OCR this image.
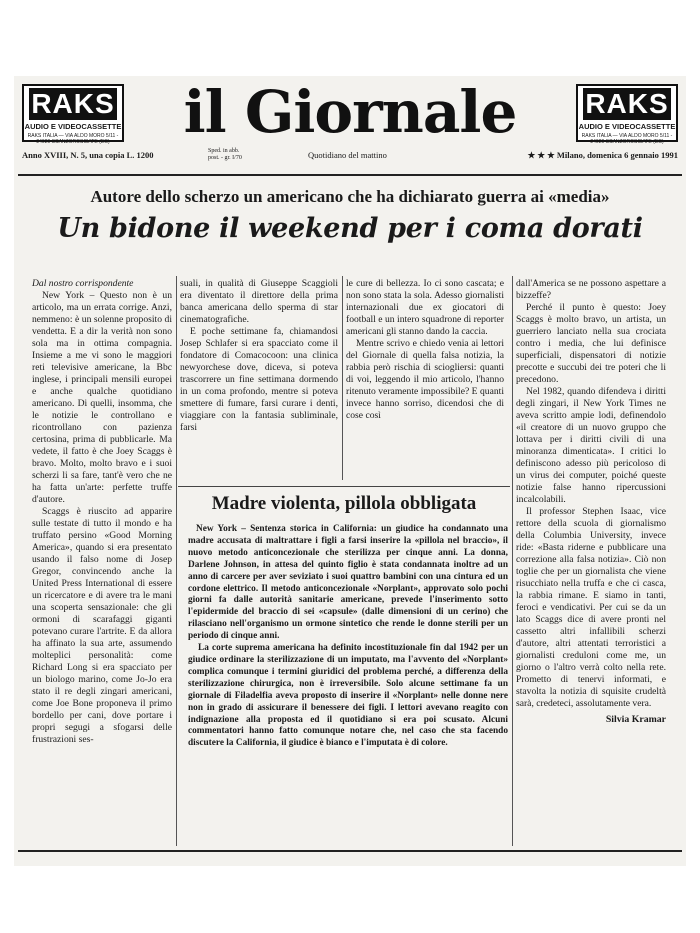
RAKS
AUDIO E VIDEOCASSETTE
RAKS ITALIA — VIA ALDO MORO 5/11 - 24020 SCANZOROSCIATE (BG)	il Giornale	RAKS
AUDIO E VIDEOCASSETTE
RAKS ITALIA — VIA ALDO MORO 5/11 - 24020 SCANZOROSCIATE (BG)
Anno XVIII, N. 5, una copia L. 1200	Sped. in abb. post. - gr. I/70	Quotidiano del mattino	★ ★ ★ Milano, domenica 6 gennaio 1991
Autore dello scherzo un americano che ha dichiarato guerra ai «media»
Un bidone il weekend per i coma dorati

Dal nostro corrispondente

New York – Questo non è un articolo, ma un errata corrige. Anzi, nemmeno: è un solenne proposito di vendetta. E a dir la verità non sono sola ma in ottima compagnia. Insieme a me vi sono le maggiori reti televisive americane, la Bbc inglese, i principali mensili europei e anche qualche quotidiano americano. Di quelli, insomma, che le notizie le controllano e ricontrollano con pazienza certosina, prima di pubblicarle. Ma vedete, il fatto è che Joey Scaggs è bravo. Molto, molto bravo e i suoi scherzi li sa fare, tant'è vero che ne ha fatta un'arte: perfette truffe d'autore.

Scaggs è riuscito ad apparire sulle testate di tutto il mondo e ha truffato persino «Good Morning America», quando si era presentato usando il falso nome di Josep Gregor, convincendo anche la United Press International di essere un ricercatore e di avere tra le mani una scoperta sensazionale: che gli ormoni di scarafaggi giganti potevano curare l'artrite. E da allora ha affinato la sua arte, assumendo molteplici personalità: come Richard Long si era spacciato per un biologo marino, come Jo-Jo era stato il re degli zingari americani, come Joe Bone proponeva il primo bordello per cani, dove portare i propri segugi a sfogarsi delle frustrazioni ses-

suali, in qualità di Giuseppe Scaggioli era diventato il direttore della prima banca americana dello sperma di star cinematografiche.

E poche settimane fa, chiamandosi Josep Schlafer si era spacciato come il fondatore di Comacocoon: una clinica newyorchese dove, diceva, si poteva trascorrere un fine settimana dormendo in un coma profondo, mentre si poteva smettere di fumare, farsi curare i denti, viaggiare con la fantasia subliminale, farsi

le cure di bellezza. Io ci sono cascata; e non sono stata la sola. Adesso giornalisti internazionali due ex giocatori di football e un intero squadrone di reporter americani gli stanno dando la caccia.

Mentre scrivo e chiedo venia ai lettori del Giornale di quella falsa notizia, la rabbia però rischia di sciogliersi: quanti di voi, leggendo il mio articolo, l'hanno ritenuto veramente impossibile? E quanti invece hanno sorriso, dicendosi che di cose così

dall'America se ne possono aspettare a bizzeffe?

Perché il punto è questo: Joey Scaggs è molto bravo, un artista, un guerriero lanciato nella sua crociata contro i media, che lui definisce superficiali, dispensatori di notizie precotte e succubi dei tre poteri che li precedono.

Nel 1982, quando difendeva i diritti degli zingari, il New York Times ne aveva scritto ampie lodi, definendolo «il creatore di un nuovo gruppo che lottava per i diritti civili di una minoranza dimenticata». I critici lo definiscono adesso più pericoloso di un virus dei computer, poiché queste notizie false hanno ripercussioni incalcolabili.

Il professor Stephen Isaac, vice rettore della scuola di giornalismo della Columbia University, invece ride: «Basta riderne e pubblicare una correzione alla falsa notizia». Ciò non toglie che per un giornalista che viene risucchiato nella truffa e che ci casca, la rabbia rimane. E siamo in tanti, feroci e vendicativi. Per cui se da un lato Scaggs dice di avere pronti nel cassetto altri infallibili scherzi d'autore, altri attentati terroristici a giornalisti creduloni come me, un giorno o l'altro verrà colto nella rete. Prometto di tenervi informati, e stavolta la notizia di squisite crudeltà sarà, credeteci, assolutamente vera.

Silvia Kramar
Madre violenta, pillola obbligata

New York – Sentenza storica in California: un giudice ha condannato una madre accusata di maltrattare i figli a farsi inserire la «pillola nel braccio», il nuovo metodo anticoncezionale che sterilizza per cinque anni. La donna, Darlene Johnson, in attesa del quinto figlio è stata condannata inoltre ad un anno di carcere per aver seviziato i suoi quattro bambini con una cintura ed un cordone elettrico. Il metodo anticoncezionale «Norplant», approvato solo pochi giorni fa dalle autorità sanitarie americane, prevede l'inserimento sotto l'epidermide del braccio di sei «capsule» (dalle dimensioni di un cerino) che rilasciano nell'organismo un ormone sintetico che rende le donne sterili per un periodo di cinque anni.

La corte suprema americana ha definito incostituzionale fin dal 1942 per un giudice ordinare la sterilizzazione di un imputato, ma l'avvento del «Norplant» complica comunque i termini giuridici del problema perché, a differenza della sterilizzazione chirurgica, non è irreversibile. Solo alcune settimane fa un giornale di Filadelfia aveva proposto di inserire il «Norplant» nelle donne nere non in grado di assicurare il benessere dei figli. I lettori avevano reagito con indignazione alla proposta ed il quotidiano si era poi scusato. Alcuni commentatori hanno fatto comunque notare che, nel caso che sta facendo discutere la California, il giudice è bianco e l'imputata è di colore.
